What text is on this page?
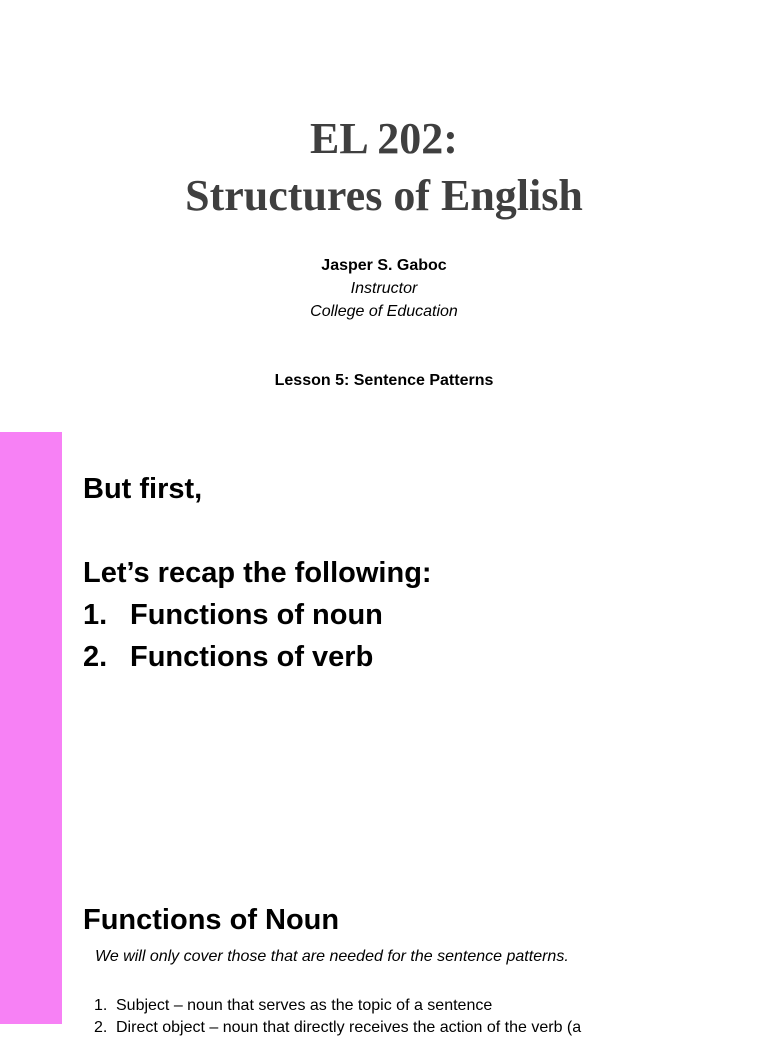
EL 202:
Structures of English
Jasper S. Gaboc
Instructor
College of Education
Lesson 5: Sentence Patterns
But first,
Let’s recap the following:
1. Functions of noun
2. Functions of verb
Functions of Noun
We will only cover those that are needed for the sentence patterns.
1. Subject – noun that serves as the topic of a sentence
2. Direct object – noun that directly receives the action of the verb (a
